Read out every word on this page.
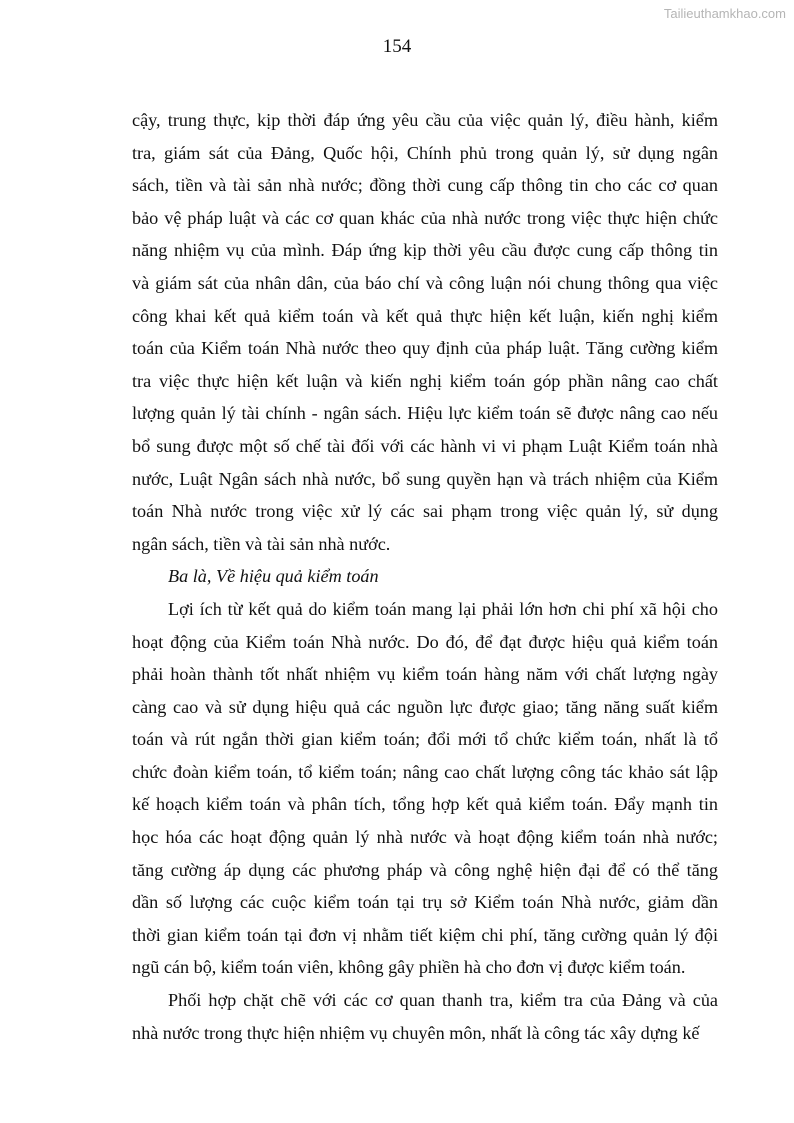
Tailieuthamkhao.com
154
cậy, trung thực, kịp thời đáp ứng yêu cầu của việc quản lý, điều hành, kiểm
tra, giám sát của Đảng, Quốc hội, Chính phủ trong quản lý, sử dụng ngân
sách, tiền và tài sản nhà nước; đồng thời cung cấp thông tin cho các cơ quan
bảo vệ pháp luật và các cơ quan khác của nhà nước trong việc thực hiện chức
năng nhiệm vụ của mình. Đáp ứng kịp thời yêu cầu được cung cấp thông tin
và giám sát của nhân dân, của báo chí và công luận nói chung thông qua việc
công khai kết quả kiểm toán và kết quả thực hiện kết luận, kiến nghị kiểm
toán của Kiểm toán Nhà nước theo quy định của pháp luật. Tăng cường kiểm
tra việc thực hiện kết luận và kiến nghị kiểm toán góp phần nâng cao chất
lượng quản lý tài chính - ngân sách. Hiệu lực kiểm toán sẽ được nâng cao nếu
bổ sung được một số chế tài đối với các hành vi vi phạm Luật Kiểm toán nhà
nước, Luật Ngân sách nhà nước, bổ sung quyền hạn và trách nhiệm của Kiểm
toán Nhà nước trong việc xử lý các sai phạm trong việc quản lý, sử dụng
ngân sách, tiền và tài sản nhà nước.
Ba là, Về hiệu quả kiểm toán
Lợi ích từ kết quả do kiểm toán mang lại phải lớn hơn chi phí xã hội cho
hoạt động của Kiểm toán Nhà nước. Do đó, để đạt được hiệu quả kiểm toán
phải hoàn thành tốt nhất nhiệm vụ kiểm toán hàng năm với chất lượng ngày
càng cao và sử dụng hiệu quả các nguồn lực được giao; tăng năng suất kiểm
toán và rút ngắn thời gian kiểm toán; đổi mới tổ chức kiểm toán, nhất là tổ
chức đoàn kiểm toán, tổ kiểm toán; nâng cao chất lượng công tác khảo sát lập
kế hoạch kiểm toán và phân tích, tổng hợp kết quả kiểm toán. Đẩy mạnh tin
học hóa các hoạt động quản lý nhà nước và hoạt động kiểm toán nhà nước;
tăng cường áp dụng các phương pháp và công nghệ hiện đại để có thể tăng
dần số lượng các cuộc kiểm toán tại trụ sở Kiểm toán Nhà nước, giảm dần
thời gian kiểm toán tại đơn vị nhằm tiết kiệm chi phí, tăng cường quản lý đội
ngũ cán bộ, kiểm toán viên, không gây phiền hà cho đơn vị được kiểm toán.
Phối hợp chặt chẽ với các cơ quan thanh tra, kiểm tra của Đảng và của
nhà nước trong thực hiện nhiệm vụ chuyên môn, nhất là công tác xây dựng kế
